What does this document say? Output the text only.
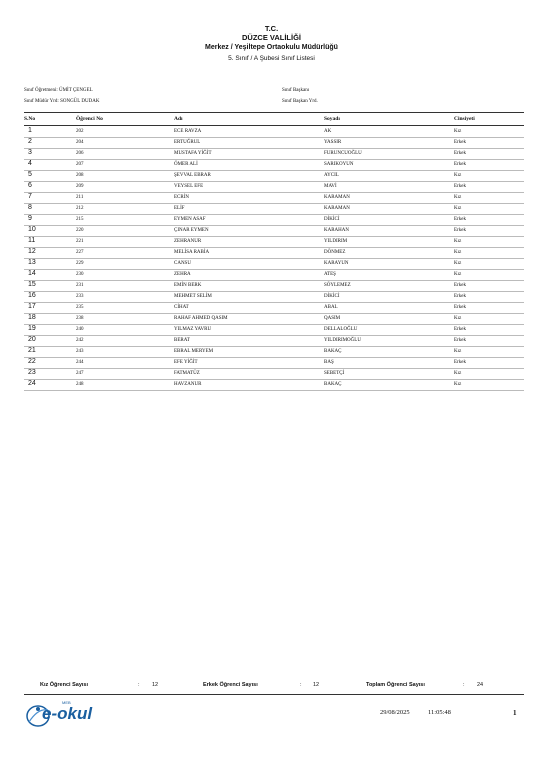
T.C.
DÜZCE VALİLİĞİ
Merkez / Yeşiltepe Ortaokulu Müdürlüğü
5. Sınıf / A Şubesi Sınıf Listesi
Sınıf Öğretmeni: ÜMİT ÇENGEL
Sınıf Müdür Yrd: SONGÜL DUDAK
Sınıf Başkanı
Sınıf Başkan Yrd.
S.No	Öğrenci No	Adı	Soyadı	Cinsiyeti
1	202	ECE RAVZA	AK	Kız
2	204	ERTUĞRUL	YASSIR	Erkek
3	206	MUSTAFA YİĞİT	FURUNCUOĞLU	Erkek
4	207	ÖMER ALİ	SARIKOYUN	Erkek
5	208	ŞEVVAL EBRAR	AYCIL	Kız
6	209	VEYSEL EFE	MAVİ	Erkek
7	211	ECRİN	KARAMAN	Kız
8	212	ELİF	KARAMAN	Kız
9	215	EYMEN ASAF	DİKİCİ	Erkek
10	220	ÇINAR EYMEN	KARAHAN	Erkek
11	221	ZEHRANUR	YILDIRIM	Kız
12	227	MELİSA RABİA	DÖNMEZ	Kız
13	229	CANSU	KARAYUN	Kız
14	230	ZEHRA	ATEŞ	Kız
15	231	EMİN BERK	SÖYLEMEZ	Erkek
16	233	MEHMET SELİM	DİKİCİ	Erkek
17	235	CİHAT	ABAL	Erkek
18	238	RAHAF AHMED QASIM	QASIM	Kız
19	240	YILMAZ YAVRU	DELLALOĞLU	Erkek
20	242	BERAT	YILDIRIMOĞLU	Erkek
21	243	EBRAL MERYEM	BAKAÇ	Kız
22	244	EFE YİĞİT	BAŞ	Erkek
23	247	FATMATÜZ	SEBETÇİ	Kız
24	248	HAVZANUR	BAKAÇ	Kız
Kız Öğrenci Sayısı	: 12	Erkek Öğrenci Sayısı	: 12	Toplam Öğrenci Sayısı	: 24
MEB
e-okul	29/08/2025	11:05:48	1
